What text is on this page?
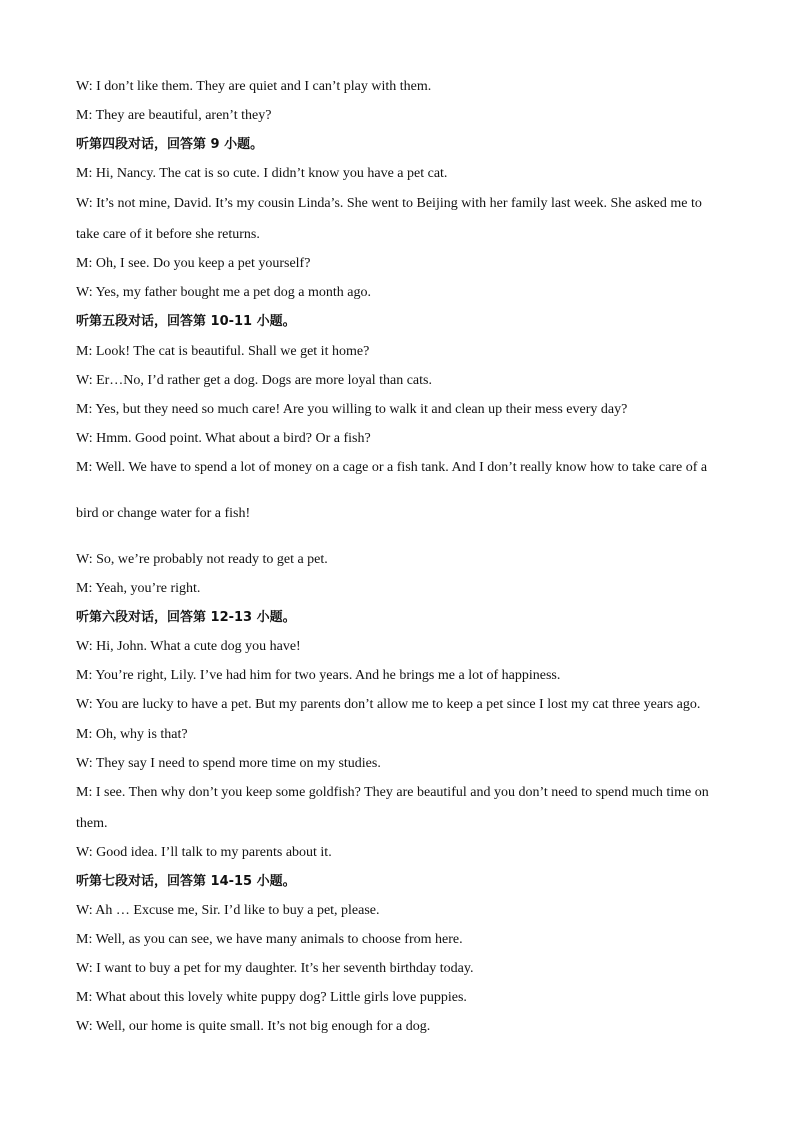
W: I don’t like them. They are quiet and I can’t play with them.

M: They are beautiful, aren’t they?

听第四段对话，回答第 9 小题。

M: Hi, Nancy. The cat is so cute. I didn’t know you have a pet cat.

W: It’s not mine, David. It’s my cousin Linda’s. She went to Beijing with her family last week. She asked me to

take care of it before she returns.

M: Oh, I see. Do you keep a pet yourself?

W: Yes, my father bought me a pet dog a month ago.

听第五段对话，回答第 10-11 小题。

M: Look! The cat is beautiful. Shall we get it home?

W: Er…No, I’d rather get a dog. Dogs are more loyal than cats.

M: Yes, but they need so much care! Are you willing to walk it and clean up their mess every day?

W: Hmm. Good point. What about a bird? Or a fish?

M: Well. We have to spend a lot of money on a cage or a fish tank. And I don’t really know how to take care of a

bird or change water for a fish!

W: So, we’re probably not ready to get a pet.

M: Yeah, you’re right.

听第六段对话，回答第 12-13 小题。

W: Hi, John. What a cute dog you have!

M: You’re right, Lily. I’ve had him for two years. And he brings me a lot of happiness.

W: You are lucky to have a pet. But my parents don’t allow me to keep a pet since I lost my cat three years ago.

M: Oh, why is that?

W: They say I need to spend more time on my studies.

M: I see. Then why don’t you keep some goldfish? They are beautiful and you don’t need to spend much time on

them.

W: Good idea. I’ll talk to my parents about it.

听第七段对话，回答第 14-15 小题。

W: Ah … Excuse me, Sir. I’d like to buy a pet, please.

M: Well, as you can see, we have many animals to choose from here.

W: I want to buy a pet for my daughter. It’s her seventh birthday today.

M: What about this lovely white puppy dog? Little girls love puppies.

W: Well, our home is quite small. It’s not big enough for a dog.
